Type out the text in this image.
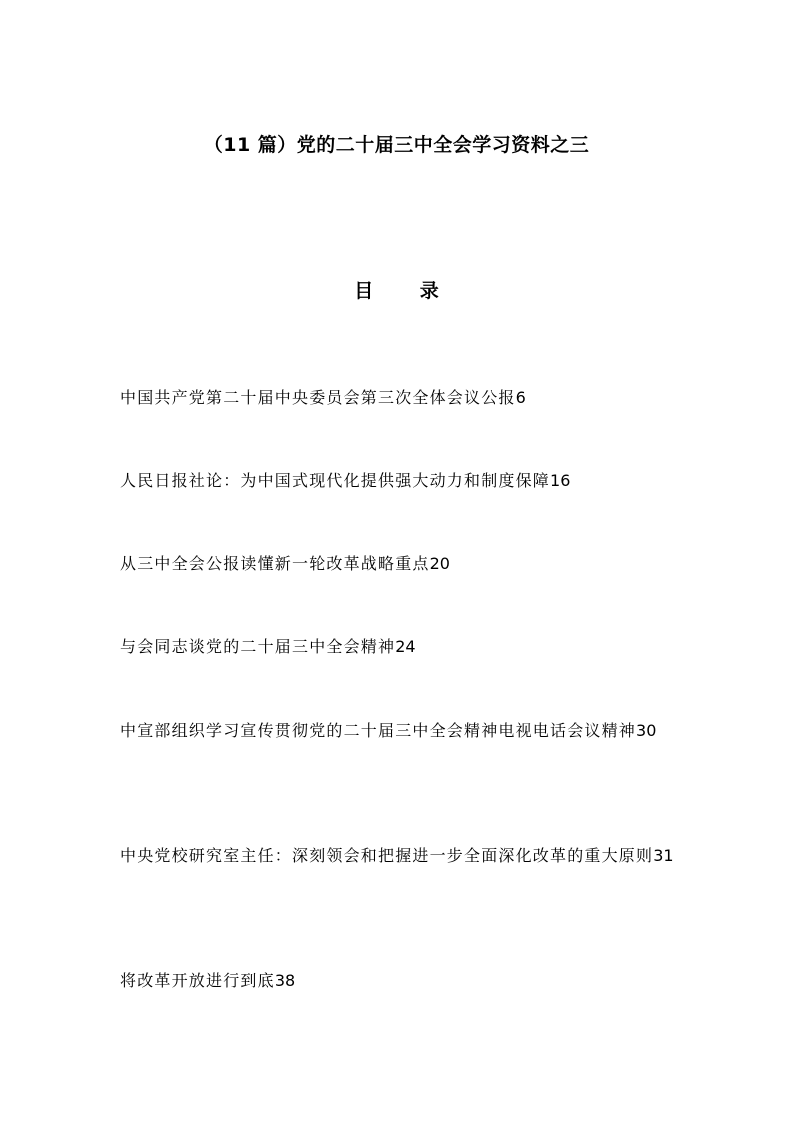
（11 篇）党的二十届三中全会学习资料之三
目 录
中国共产党第二十届中央委员会第三次全体会议公报6
人民日报社论：为中国式现代化提供强大动力和制度保障16
从三中全会公报读懂新一轮改革战略重点20
与会同志谈党的二十届三中全会精神24
中宣部组织学习宣传贯彻党的二十届三中全会精神电视电话会议精神30
中央党校研究室主任：深刻领会和把握进一步全面深化改革的重大原则31
将改革开放进行到底38
